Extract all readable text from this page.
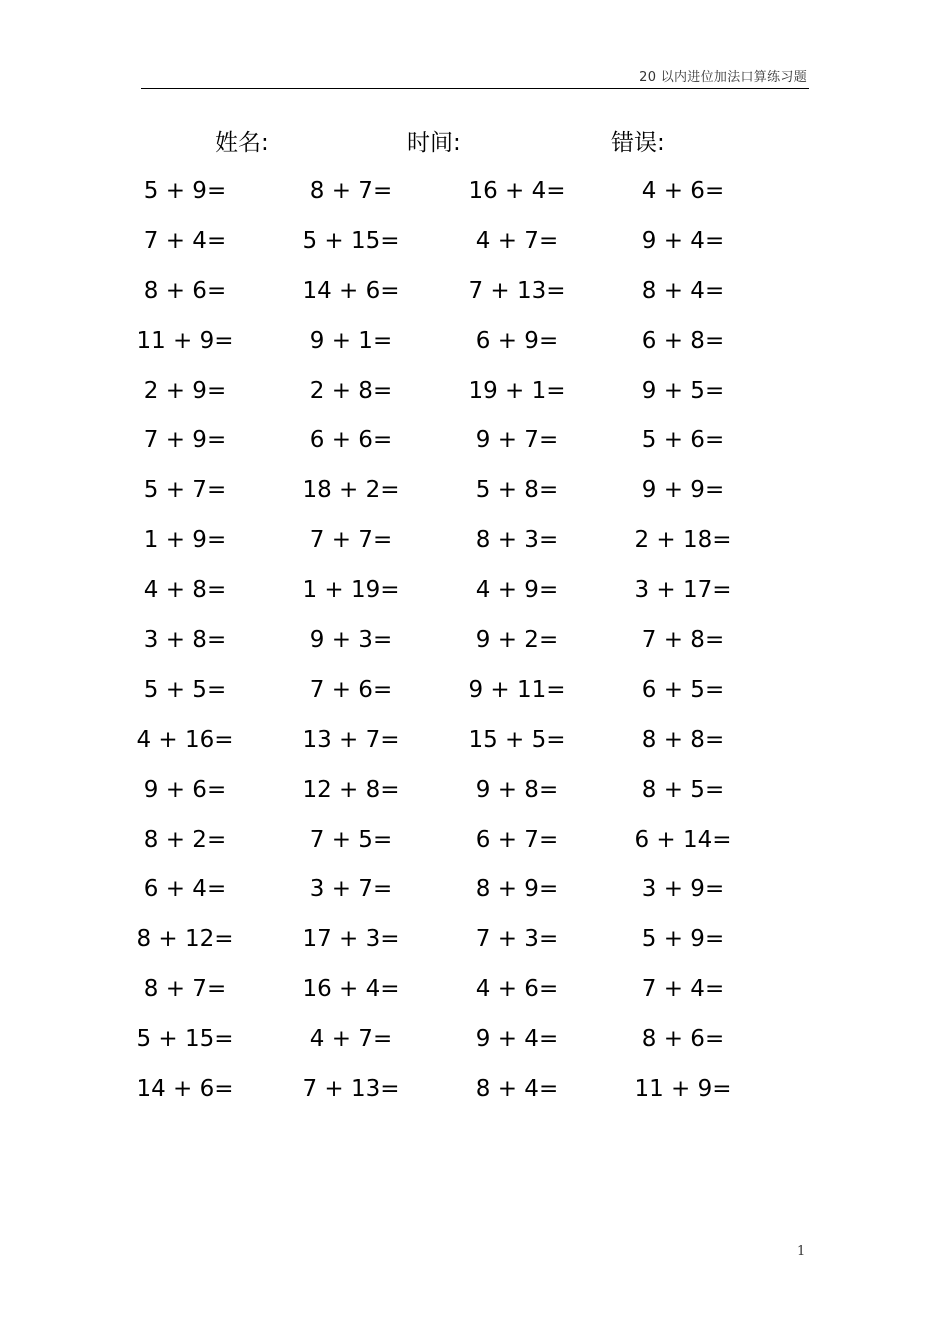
20 以内进位加法口算练习题
姓名:	时间:	错误:
5 + 9=	8 + 7=	16 + 4=	4 + 6=
7 + 4=	5 + 15=	4 + 7=	9 + 4=
8 + 6=	14 + 6=	7 + 13=	8 + 4=
11 + 9=	9 + 1=	6 + 9=	6 + 8=
2 + 9=	2 + 8=	19 + 1=	9 + 5=
7 + 9=	6 + 6=	9 + 7=	5 + 6=
5 + 7=	18 + 2=	5 + 8=	9 + 9=
1 + 9=	7 + 7=	8 + 3=	2 + 18=
4 + 8=	1 + 19=	4 + 9=	3 + 17=
3 + 8=	9 + 3=	9 + 2=	7 + 8=
5 + 5=	7 + 6=	9 + 11=	6 + 5=
4 + 16=	13 + 7=	15 + 5=	8 + 8=
9 + 6=	12 + 8=	9 + 8=	8 + 5=
8 + 2=	7 + 5=	6 + 7=	6 + 14=
6 + 4=	3 + 7=	8 + 9=	3 + 9=
8 + 12=	17 + 3=	7 + 3=	5 + 9=
8 + 7=	16 + 4=	4 + 6=	7 + 4=
5 + 15=	4 + 7=	9 + 4=	8 + 6=
14 + 6=	7 + 13=	8 + 4=	11 + 9=
1
